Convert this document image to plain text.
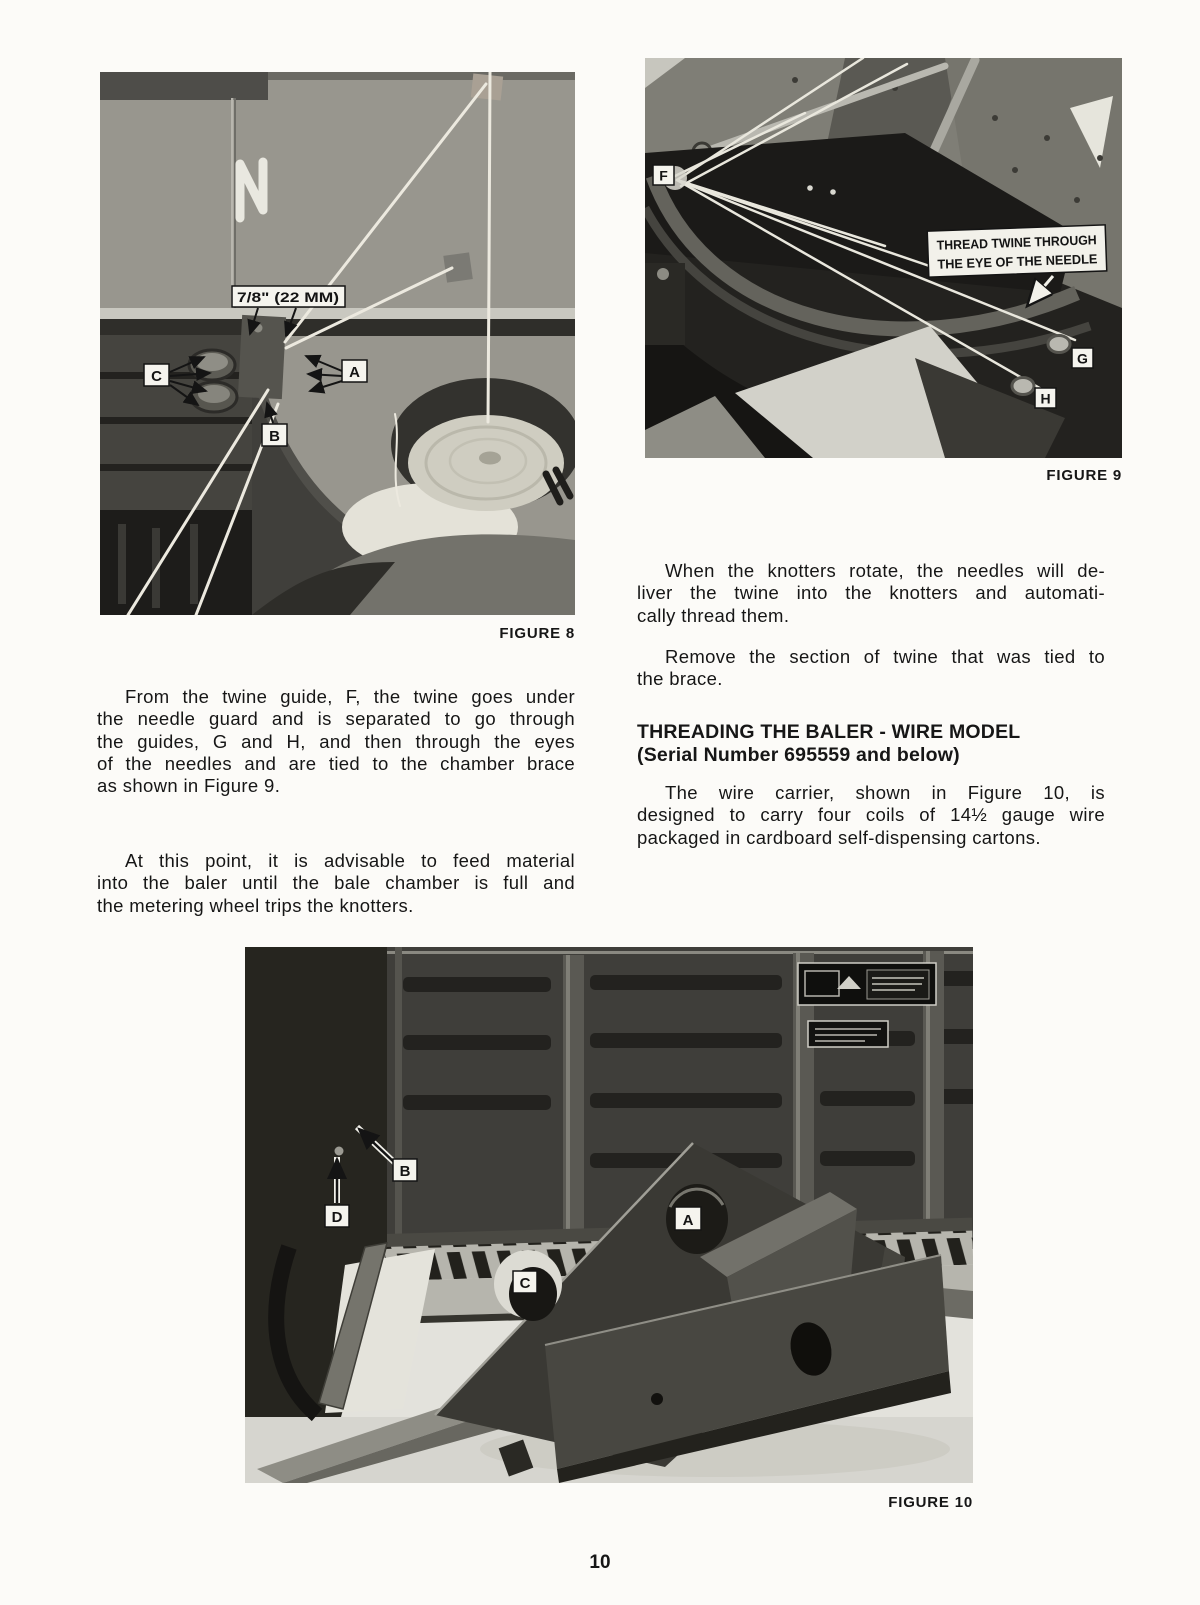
7/8" (22 MM)
A
B
C
FIGURE 8
THREAD TWINE THROUGH
THE EYE OF THE NEEDLE
F
G
H
FIGURE 9
When the knotters rotate, the needles will de-
liver the twine into the knotters and automati-
cally thread them.
Remove the section of twine that was tied to
the brace.
THREADING THE BALER - WIRE MODEL
(Serial Number 695559 and below)
The wire carrier, shown in Figure 10, is
designed to carry four coils of 14½ gauge wire
packaged in cardboard self-dispensing cartons.
From the twine guide, F, the twine goes under
the needle guard and is separated to go through
the guides, G and H, and then through the eyes
of the needles and are tied to the chamber brace
as shown in Figure 9.
At this point, it is advisable to feed material
into the baler until the bale chamber is full and
the metering wheel trips the knotters.
D
B
A
C
FIGURE 10
10
